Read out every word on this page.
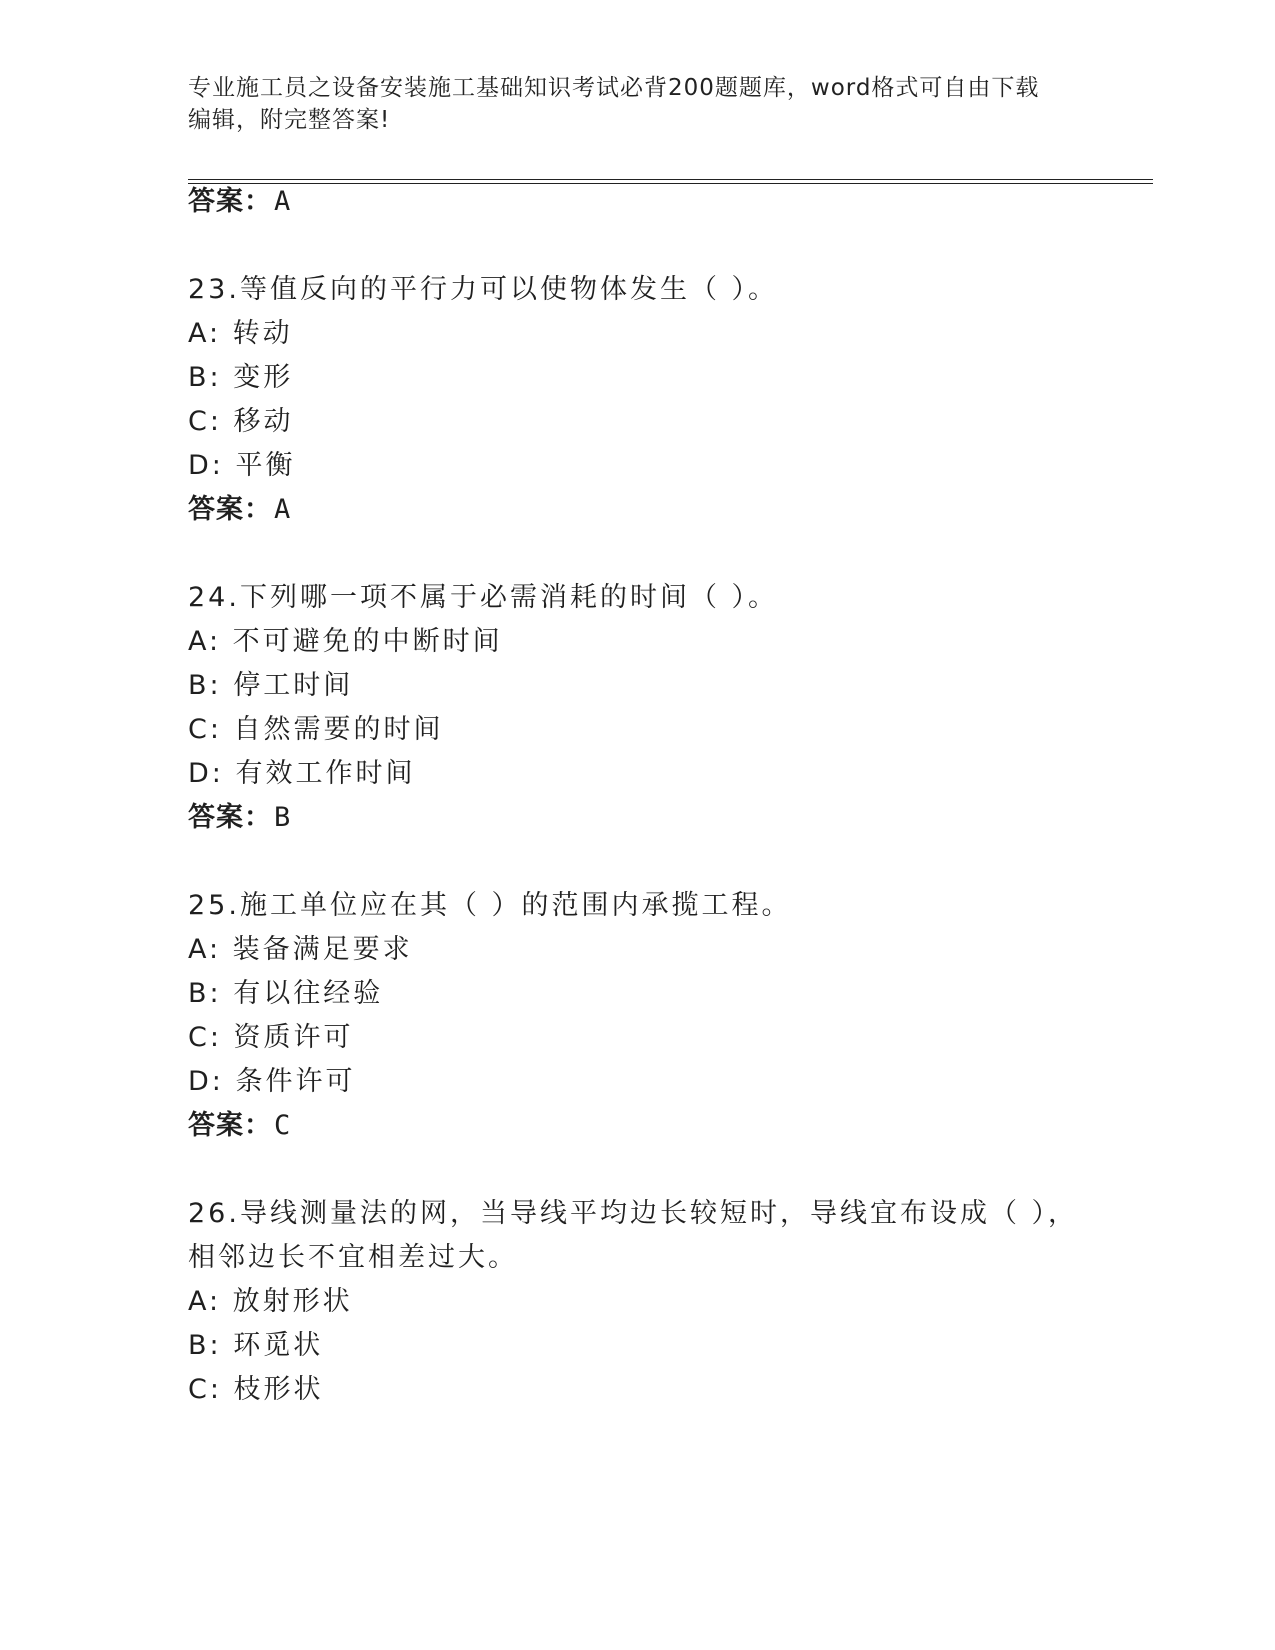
专业施工员之设备安装施工基础知识考试必背200题题库，word格式可自由下载
编辑，附完整答案!
答案：A
23.等值反向的平行力可以使物体发生（ ）。
A: 转动
B: 变形
C: 移动
D: 平衡
答案：A
24.下列哪一项不属于必需消耗的时间（ ）。
A: 不可避免的中断时间
B: 停工时间
C: 自然需要的时间
D: 有效工作时间
答案：B
25.施工单位应在其（ ）的范围内承揽工程。
A: 装备满足要求
B: 有以往经验
C: 资质许可
D: 条件许可
答案：C
26.导线测量法的网，当导线平均边长较短时，导线宜布设成（ ），
相邻边长不宜相差过大。
A: 放射形状
B: 环觅状
C: 枝形状
